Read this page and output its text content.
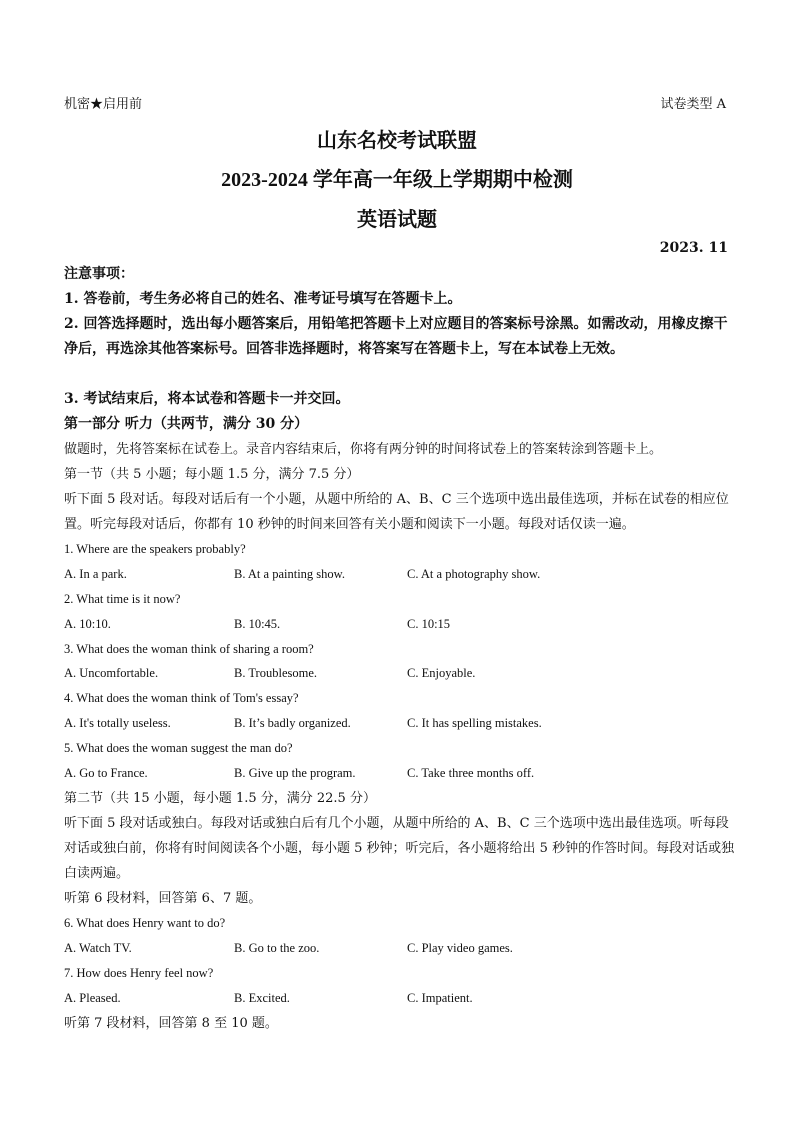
机密★启用前	试卷类型 A
山东名校考试联盟
2023-2024 学年高一年级上学期期中检测
英语试题
2023. 11
注意事项：
1. 答卷前，考生务必将自己的姓名、准考证号填写在答题卡上。
2. 回答选择题时，选出每小题答案后，用铅笔把答题卡上对应题目的答案标号涂黑。如需改动，用橡皮擦干净后，再选涂其他答案标号。回答非选择题时，将答案写在答题卡上，写在本试卷上无效。
3. 考试结束后，将本试卷和答题卡一并交回。
第一部分 听力（共两节，满分 30 分）
做题时，先将答案标在试卷上。录音内容结束后，你将有两分钟的时间将试卷上的答案转涂到答题卡上。
第一节（共 5 小题；每小题 1.5 分，满分 7.5 分）
听下面 5 段对话。每段对话后有一个小题，从题中所给的 A、B、C 三个选项中选出最佳选项，并标在试卷的相应位置。听完每段对话后，你都有 10 秒钟的时间来回答有关小题和阅读下一小题。每段对话仅读一遍。
1. Where are the speakers probably?
A. In a park.	B. At a painting show.	C. At a photography show.
2. What time is it now?
A. 10:10.	B. 10:45.	C. 10:15
3. What does the woman think of sharing a room?
A. Uncomfortable.	B. Troublesome.	C. Enjoyable.
4. What does the woman think of Tom's essay?
A. It's totally useless.	B. It’s badly organized.	C. It has spelling mistakes.
5. What does the woman suggest the man do?
A. Go to France.	B. Give up the program.	C. Take three months off.
第二节（共 15 小题，每小题 1.5 分，满分 22.5 分）
听下面 5 段对话或独白。每段对话或独白后有几个小题，从题中所给的 A、B、C 三个选项中选出最佳选项。听每段对话或独白前，你将有时间阅读各个小题，每小题 5 秒钟；听完后，各小题将给出 5 秒钟的作答时间。每段对话或独白读两遍。
听第 6 段材料，回答第 6、7 题。
6. What does Henry want to do?
A. Watch TV.	B. Go to the zoo.	C. Play video games.
7. How does Henry feel now?
A. Pleased.	B. Excited.	C. Impatient.
听第 7 段材料，回答第 8 至 10 题。
